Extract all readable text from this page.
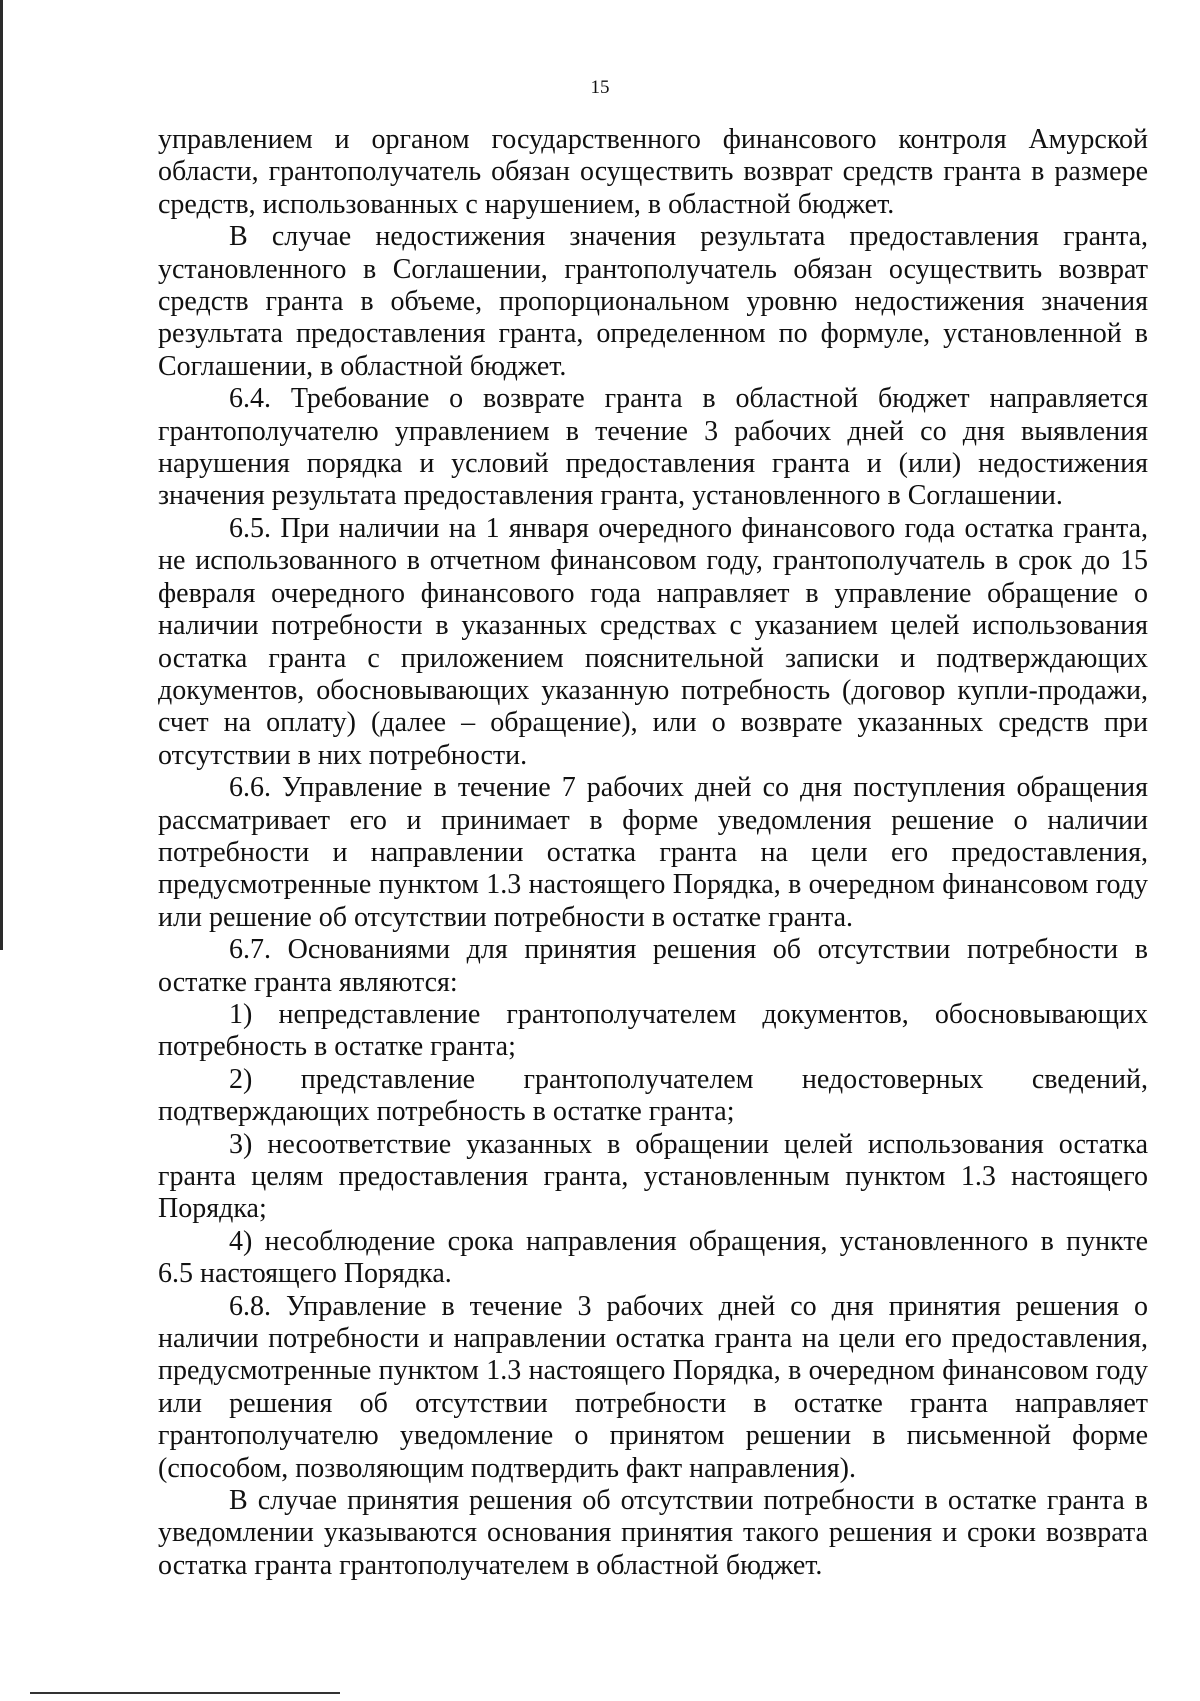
15

управлением и органом государственного финансового контроля Амурской области, грантополучатель обязан осуществить возврат средств гранта в размере средств, использованных с нарушением, в областной бюджет.

В случае недостижения значения результата предоставления гранта, установленного в Соглашении, грантополучатель обязан осуществить возврат средств гранта в объеме, пропорциональном уровню недостижения значения результата предоставления гранта, определенном по формуле, установленной в Соглашении, в областной бюджет.

6.4. Требование о возврате гранта в областной бюджет направляется грантополучателю управлением в течение 3 рабочих дней со дня выявления нарушения порядка и условий предоставления гранта и (или) недостижения значения результата предоставления гранта, установленного в Соглашении.

6.5. При наличии на 1 января очередного финансового года остатка гранта, не использованного в отчетном финансовом году, грантополучатель в срок до 15 февраля очередного финансового года направляет в управление обращение о наличии потребности в указанных средствах с указанием целей использования остатка гранта с приложением пояснительной записки и подтверждающих документов, обосновывающих указанную потребность (договор купли-продажи, счет на оплату) (далее – обращение), или о возврате указанных средств при отсутствии в них потребности.

6.6. Управление в течение 7 рабочих дней со дня поступления обращения рассматривает его и принимает в форме уведомления решение о наличии потребности и направлении остатка гранта на цели его предоставления, предусмотренные пунктом 1.3 настоящего Порядка, в очередном финансовом году или решение об отсутствии потребности в остатке гранта.

6.7. Основаниями для принятия решения об отсутствии потребности в остатке гранта являются:

1) непредставление грантополучателем документов, обосновывающих потребность в остатке гранта;

2) представление грантополучателем недостоверных сведений, подтверждающих потребность в остатке гранта;

3) несоответствие указанных в обращении целей использования остатка гранта целям предоставления гранта, установленным пунктом 1.3 настоящего Порядка;

4) несоблюдение срока направления обращения, установленного в пункте 6.5 настоящего Порядка.

6.8. Управление в течение 3 рабочих дней со дня принятия решения о наличии потребности и направлении остатка гранта на цели его предоставления, предусмотренные пунктом 1.3 настоящего Порядка, в очередном финансовом году или решения об отсутствии потребности в остатке гранта направляет грантополучателю уведомление о принятом решении в письменной форме (способом, позволяющим подтвердить факт направления).

В случае принятия решения об отсутствии потребности в остатке гранта в уведомлении указываются основания принятия такого решения и сроки возврата остатка гранта грантополучателем в областной бюджет.
